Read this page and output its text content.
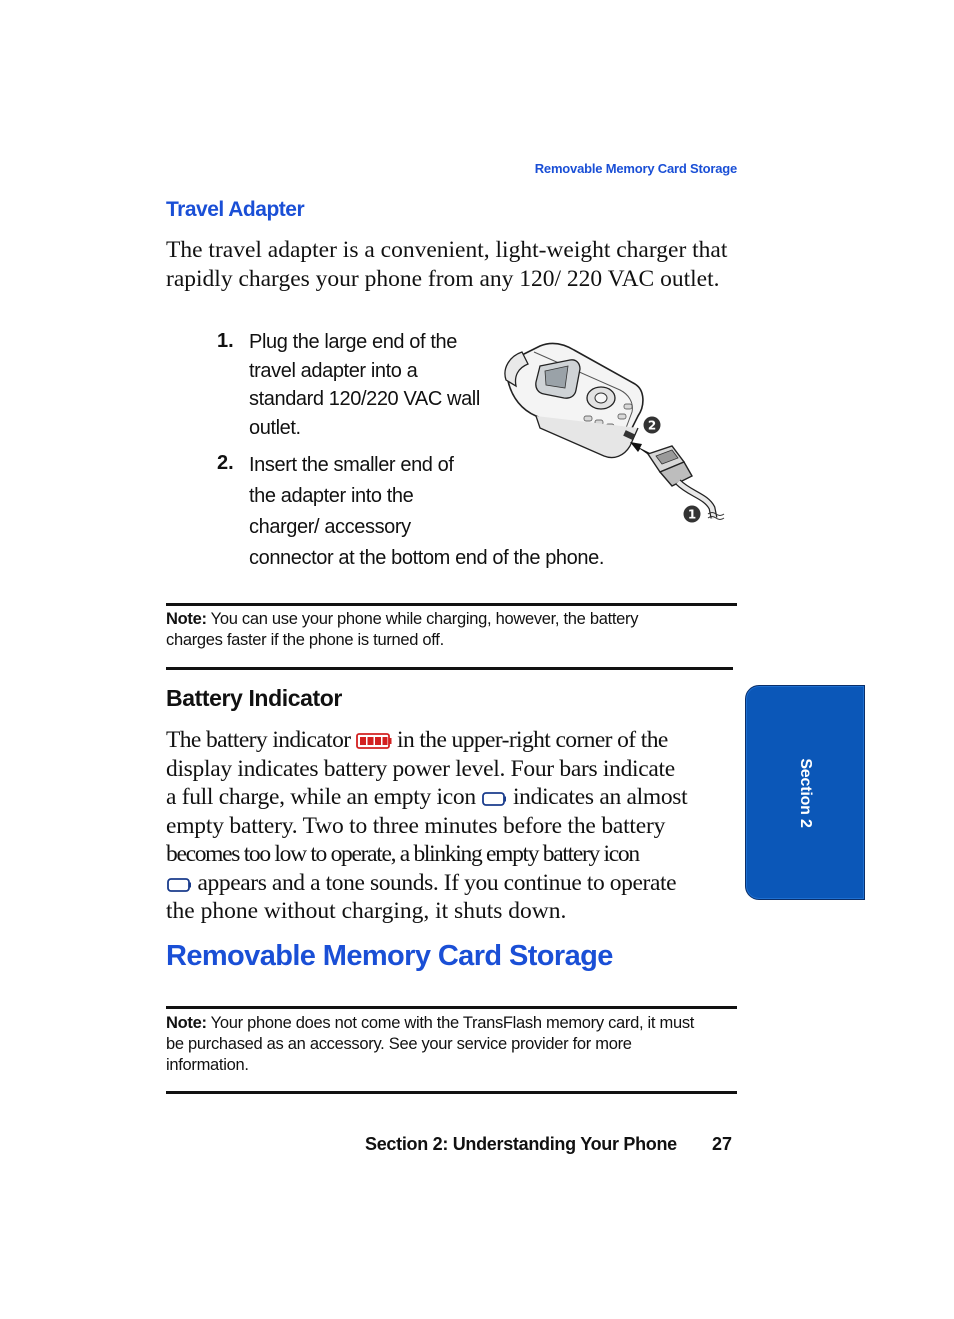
Removable Memory Card Storage
Travel Adapter
The travel adapter is a convenient, light-weight charger that rapidly charges your phone from any 120/ 220 VAC outlet.
1. Plug the large end of the
travel adapter into a
standard 120/220 VAC wall
outlet.
2. Insert the smaller end of
the adapter into the
charger/ accessory
connector at the bottom end of the phone.
2
1
Note: You can use your phone while charging, however, the battery
charges faster if the phone is turned off.
Battery Indicator
The battery indicator  in the upper-right corner of the
display indicates battery power level. Four bars indicate
a full charge, while an empty icon  indicates an almost
empty battery. Two to three minutes before the battery
becomes too low to operate, a blinking empty battery icon
appears and a tone sounds. If you continue to operate
the phone without charging, it shuts down.
Removable Memory Card Storage
Note: Your phone does not come with the TransFlash memory card, it must
be purchased as an accessory. See your service provider for more
information.
Section 2: Understanding Your Phone 27
Section 2
